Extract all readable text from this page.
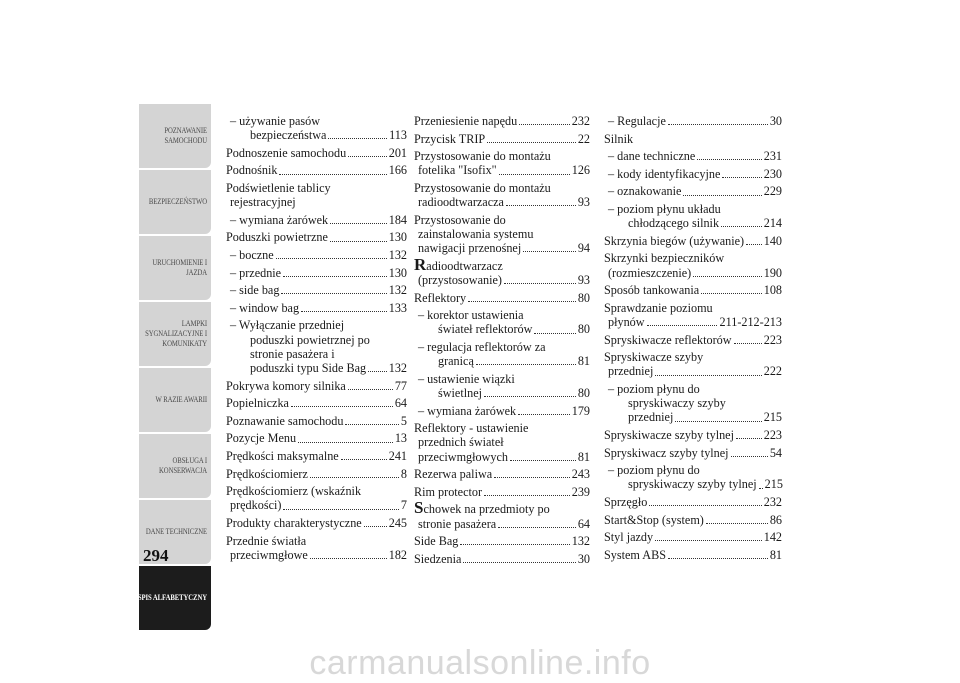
POZNAWANIE SAMOCHODU
BEZPIECZEŃSTWO
URUCHOMIENIE I JAZDA
LAMPKI SYGNALIZACYJNE I KOMUNIKATY
W RAZIE AWARII
OBSŁUGA I KONSERWACJA
DANE TECHNICZNE
SPIS ALFABETYCZNY
294
– używanie pasów
bezpieczeństwa	113
Podnoszenie samochodu	201
Podnośnik	166
Podświetlenie tablicy
rejestracyjnej
– wymiana żarówek	184
Poduszki powietrzne	130
– boczne	132
– przednie	130
– side bag	132
– window bag	133
– Wyłączanie przedniej
poduszki powietrznej po
stronie pasażera i
poduszki typu Side Bag 132
Pokrywa komory silnika	77
Popielniczka	64
Poznawanie samochodu	5
Pozycje Menu	13
Prędkości maksymalne	241
Prędkościomierz	8
Prędkościomierz (wskaźnik
prędkości)	7
Produkty charakterystyczne 245
Przednie światła
przeciwmgłowe	182
Przeniesienie napędu	232
Przycisk TRIP	22
Przystosowanie do montażu
fotelika "Isofix"	126
Przystosowanie do montażu
radioodtwarzacza	93
Przystosowanie do
zainstalowania systemu
nawigacji przenośnej	94
Radioodtwarzacz
(przystosowanie)	93
Reflektory	80
– korektor ustawienia
świateł reflektorów	80
– regulacja reflektorów za
granicą	81
– ustawienie wiązki
świetlnej	80
– wymiana żarówek	179
Reflektory - ustawienie
przednich świateł
przeciwmgłowych	81
Rezerwa paliwa	243
Rim protector	239
Schowek na przedmioty po
stronie pasażera	64
Side Bag	132
Siedzenia	30
– Regulacje	30
Silnik
– dane techniczne	231
– kody identyfikacyjne	230
– oznakowanie	229
– poziom płynu układu
chłodzącego silnik	214
Skrzynia biegów (używanie) 140
Skrzynki bezpieczników
(rozmieszczenie)	190
Sposób tankowania	108
Sprawdzanie poziomu
płynów	211-212-213
Spryskiwacze reflektorów	223
Spryskiwacze szyby
przedniej	222
– poziom płynu do
spryskiwaczy szyby
przedniej	215
Spryskiwacze szyby tylnej 223
Spryskiwacz szyby tylnej	54
– poziom płynu do
spryskiwaczy szyby tylnej 215
Sprzęgło	232
Start&Stop (system)	86
Styl jazdy	142
System ABS	81
carmanualsonline.info
